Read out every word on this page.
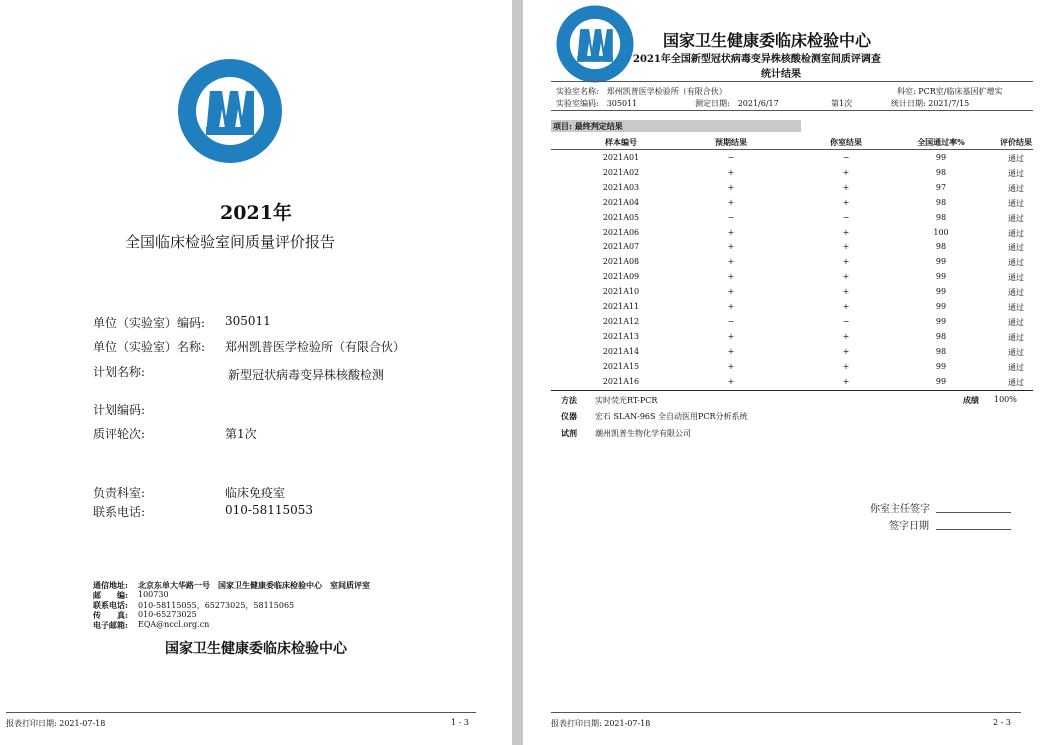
2021年
全国临床检验室间质量评价报告
单位（实验室）编码: 305011
单位（实验室）名称: 郑州凯普医学检验所（有限合伙）
计划名称:	新型冠状病毒变异株核酸检测
计划编码:
质评轮次:	第1次
负责科室:	临床免疫室
联系电话:	010-58115053
通信地址: 北京东单大华路一号　国家卫生健康委临床检验中心　室间质评室
邮　　编: 100730
联系电话: 010-58115055，65273025，58115065
传　　真: 010-65273025
电子邮箱: EQA@nccl.org.cn
国家卫生健康委临床检验中心
报表打印日期: 2021-07-18	1 - 3
国家卫生健康委临床检验中心
2021年全国新型冠状病毒变异株核酸检测室间质评调查
统计结果
实验室名称:　郑州凯普医学检验所（有限合伙）	科室: PCR室/临床基因扩增实
实验室编码:　305011	测定日期:　2021/6/17	第1次	统计日期: 2021/7/15
项目: 最终判定结果
样本编号	预期结果	你室结果	全国通过率%	评价结果
2021A01	−	−	99	通过
2021A02	+	+	98	通过
2021A03	+	+	97	通过
2021A04	+	+	98	通过
2021A05	−	−	98	通过
2021A06	+	+	100	通过
2021A07	+	+	98	通过
2021A08	+	+	99	通过
2021A09	+	+	99	通过
2021A10	+	+	99	通过
2021A11	+	+	99	通过
2021A12	−	−	99	通过
2021A13	+	+	98	通过
2021A14	+	+	98	通过
2021A15	+	+	99	通过
2021A16	+	+	99	通过
方法 实时荧光RT-PCR	成绩 100%
仪器 宏石 SLAN-96S 全自动医用PCR分析系统
试剂 潮州凯普生物化学有限公司
你室主任签字
签字日期
报表打印日期: 2021-07-18	2 - 3
